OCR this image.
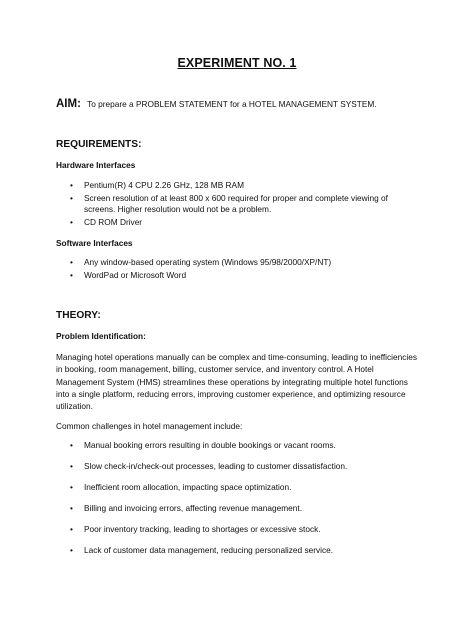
EXPERIMENT NO. 1
AIM: To prepare a PROBLEM STATEMENT for a HOTEL MANAGEMENT SYSTEM.
REQUIREMENTS:
Hardware Interfaces
• Pentium(R) 4 CPU 2.26 GHz, 128 MB RAM
• Screen resolution of at least 800 x 600 required for proper and complete viewing of screens. Higher resolution would not be a problem.
• CD ROM Driver
Software Interfaces
• Any window-based operating system (Windows 95/98/2000/XP/NT)
• WordPad or Microsoft Word
THEORY:
Problem Identification:
Managing hotel operations manually can be complex and time-consuming, leading to inefficiencies in booking, room management, billing, customer service, and inventory control. A Hotel Management System (HMS) streamlines these operations by integrating multiple hotel functions into a single platform, reducing errors, improving customer experience, and optimizing resource utilization.
Common challenges in hotel management include:
• Manual booking errors resulting in double bookings or vacant rooms.
• Slow check-in/check-out processes, leading to customer dissatisfaction.
• Inefficient room allocation, impacting space optimization.
• Billing and invoicing errors, affecting revenue management.
• Poor inventory tracking, leading to shortages or excessive stock.
• Lack of customer data management, reducing personalized service.
